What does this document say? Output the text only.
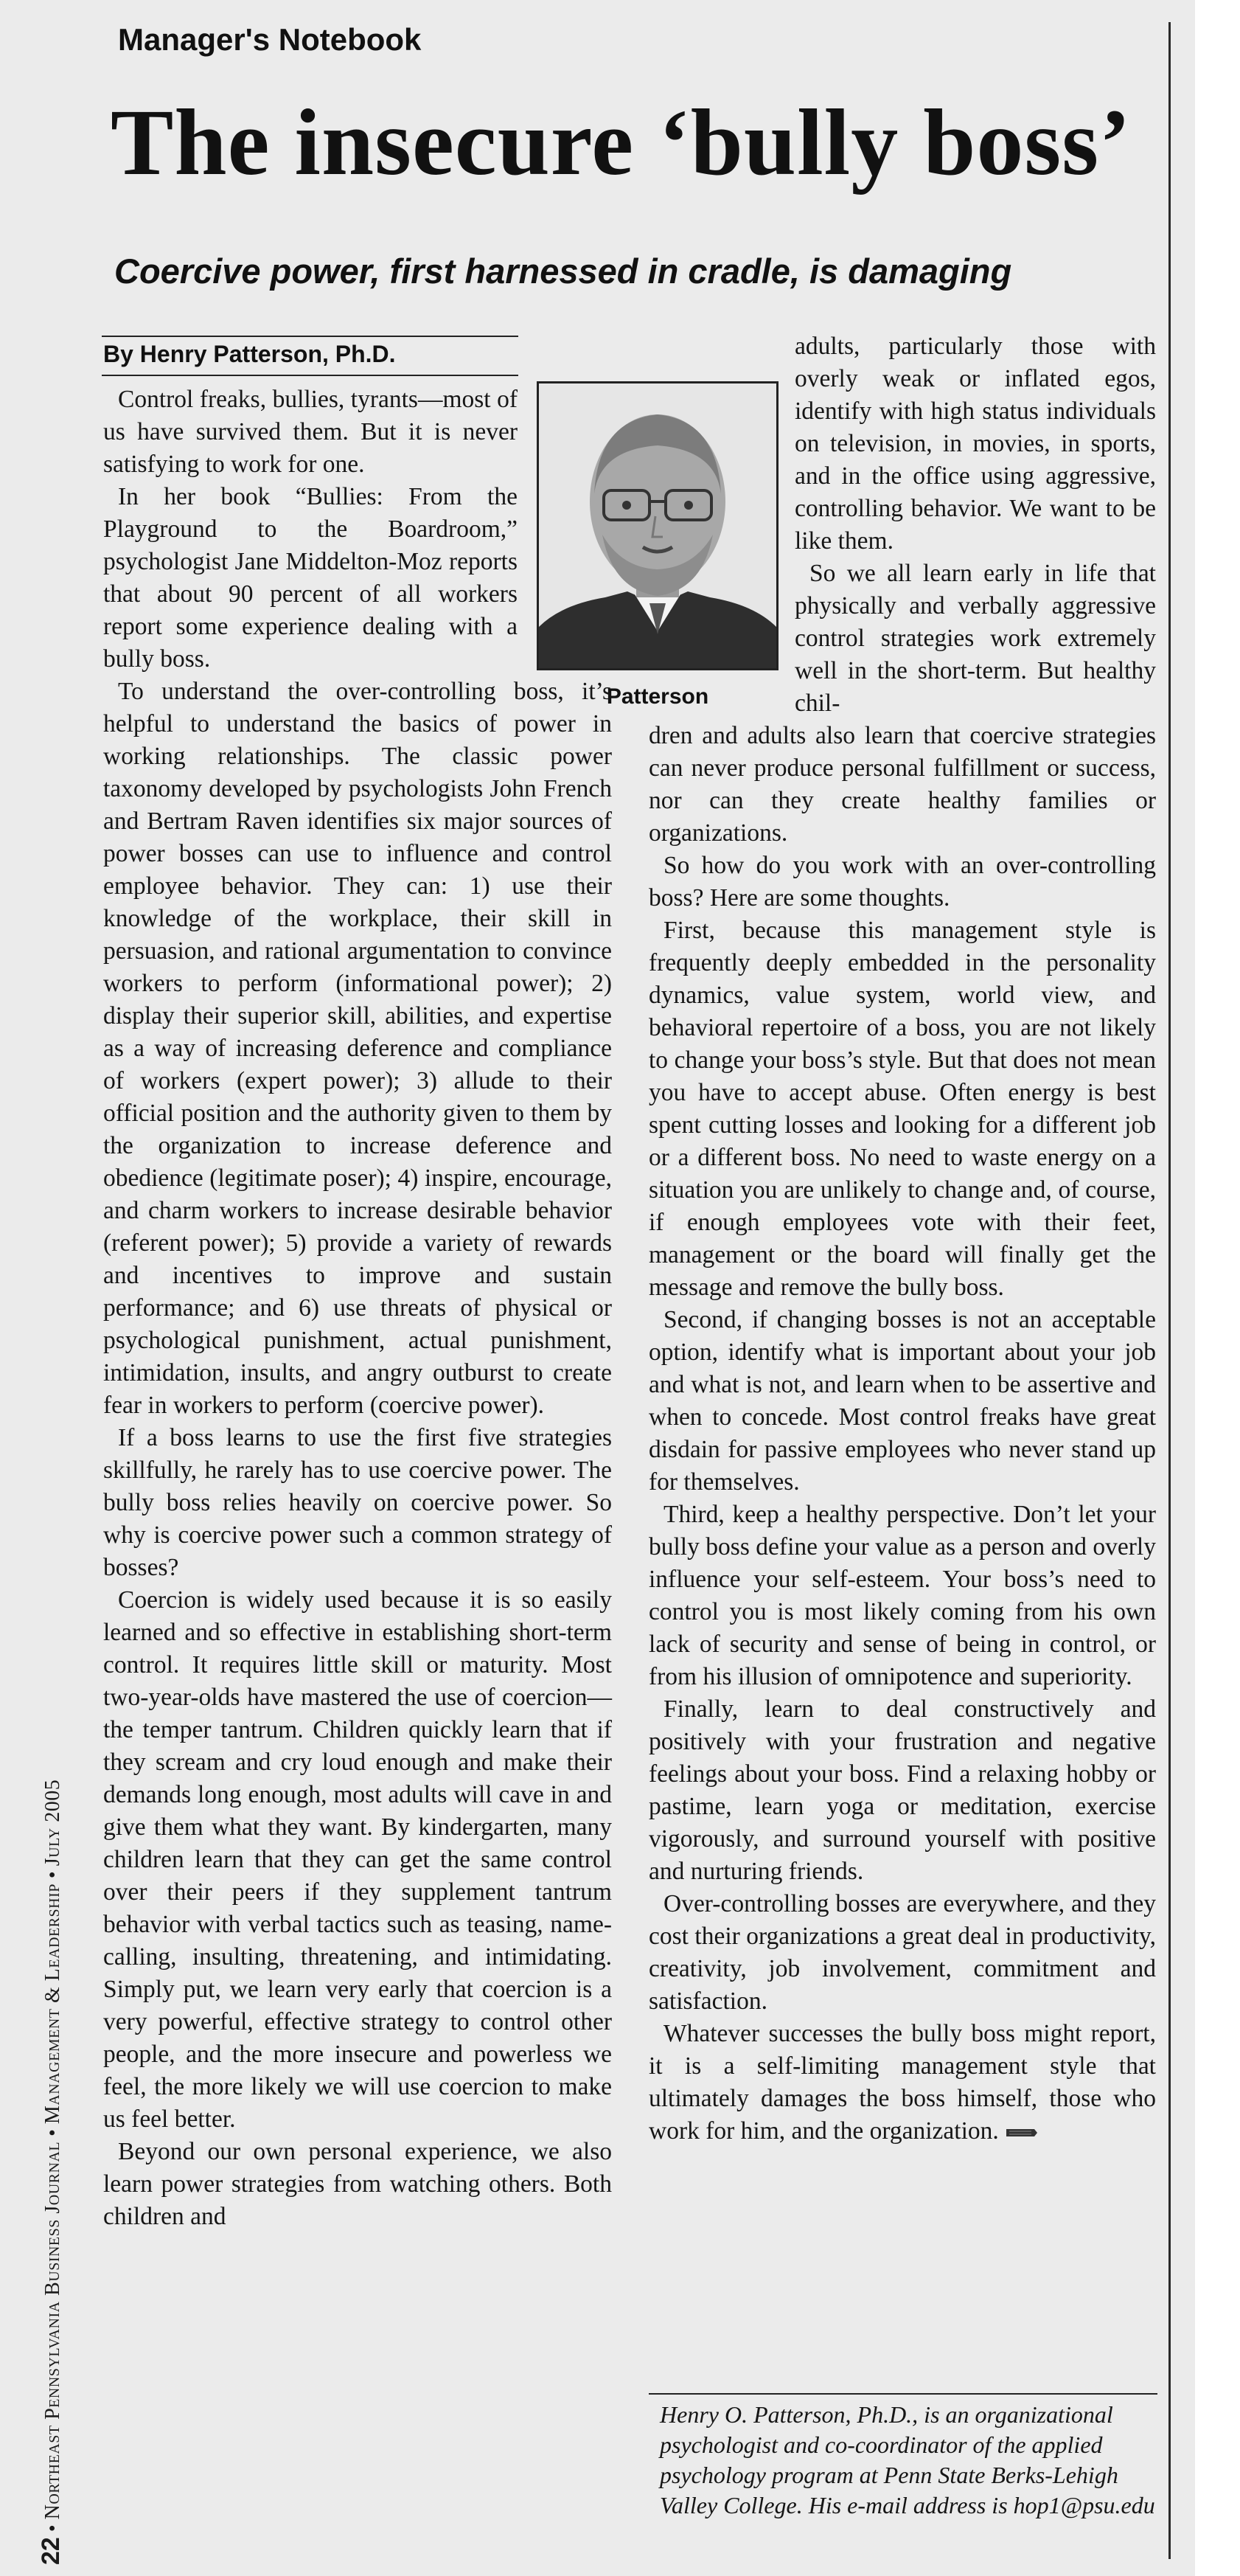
Manager's Notebook
The insecure ‘bully boss’
Coercive power, first harnessed in cradle, is damaging
By Henry Patterson, Ph.D.
Patterson

Control freaks, bullies, tyrants—most of us have survived them. But it is never satisfying to work for one.

In her book “Bullies: From the Playground to the Boardroom,” psychologist Jane Middelton-Moz reports that about 90 percent of all workers report some experience dealing with a bully boss.

To understand the over-controlling boss, it’s helpful to understand the basics of power in working relationships. The classic power taxonomy developed by psychologists John French and Bertram Raven identifies six major sources of power bosses can use to influence and control employee behavior. They can: 1) use their knowledge of the workplace, their skill in persuasion, and rational argumentation to convince workers to perform (informational power); 2) display their superior skill, abilities, and expertise as a way of increasing deference and compliance of workers (expert power); 3) allude to their official position and the authority given to them by the organization to increase deference and obedience (legitimate poser); 4) inspire, encourage, and charm workers to increase desirable behavior (referent power); 5) provide a variety of rewards and incentives to improve and sustain performance; and 6) use threats of physical or psychological punishment, actual punishment, intimidation, insults, and angry outburst to create fear in workers to perform (coercive power).

If a boss learns to use the first five strategies skillfully, he rarely has to use coercive power. The bully boss relies heavily on coercive power. So why is coercive power such a common strategy of bosses?

Coercion is widely used because it is so easily learned and so effective in establishing short-term control. It requires little skill or maturity. Most two-year-olds have mastered the use of coercion—the temper tantrum. Children quickly learn that if they scream and cry loud enough and make their demands long enough, most adults will cave in and give them what they want. By kindergarten, many children learn that they can get the same control over their peers if they supplement tantrum behavior with verbal tactics such as teasing, name-calling, insulting, threatening, and intimidating. Simply put, we learn very early that coercion is a very powerful, effective strategy to control other people, and the more insecure and powerless we feel, the more likely we will use coercion to make us feel better.

Beyond our own personal experience, we also learn power strategies from watching others. Both children and

adults, particularly those with overly weak or inflated egos, identify with high status individuals on television, in movies, in sports, and in the office using aggressive, controlling behavior. We want to be like them.

So we all learn early in life that physically and verbally aggressive control strategies work extremely well in the short-term. But healthy chil-

dren and adults also learn that coercive strategies can never produce personal fulfillment or success, nor can they create healthy families or organizations.

So how do you work with an over-controlling boss? Here are some thoughts.

First, because this management style is frequently deeply embedded in the personality dynamics, value system, world view, and behavioral repertoire of a boss, you are not likely to change your boss’s style. But that does not mean you have to accept abuse. Often energy is best spent cutting losses and looking for a different job or a different boss. No need to waste energy on a situation you are unlikely to change and, of course, if enough employees vote with their feet, management or the board will finally get the message and remove the bully boss.

Second, if changing bosses is not an acceptable option, identify what is important about your job and what is not, and learn when to be assertive and when to concede. Most control freaks have great disdain for passive employees who never stand up for themselves.

Third, keep a healthy perspective. Don’t let your bully boss define your value as a person and overly influence your self-esteem. Your boss’s need to control you is most likely coming from his own lack of security and sense of being in control, or from his illusion of omnipotence and superiority.

Finally, learn to deal constructively and positively with your frustration and negative feelings about your boss. Find a relaxing hobby or pastime, learn yoga or meditation, exercise vigorously, and surround yourself with positive and nurturing friends.

Over-controlling bosses are everywhere, and they cost their organizations a great deal in productivity, creativity, job involvement, commitment and satisfaction.

Whatever successes the bully boss might report, it is a self-limiting management style that ultimately damages the boss himself, those who work for him, and the organization.

Henry O. Patterson, Ph.D., is an organizational psychologist and co-coordinator of the applied psychology program at Penn State Berks-Lehigh Valley College. His e-mail address is hop1@psu.edu
22 • Northeast Pennsylvania Business Journal • Management & Leadership • July 2005
